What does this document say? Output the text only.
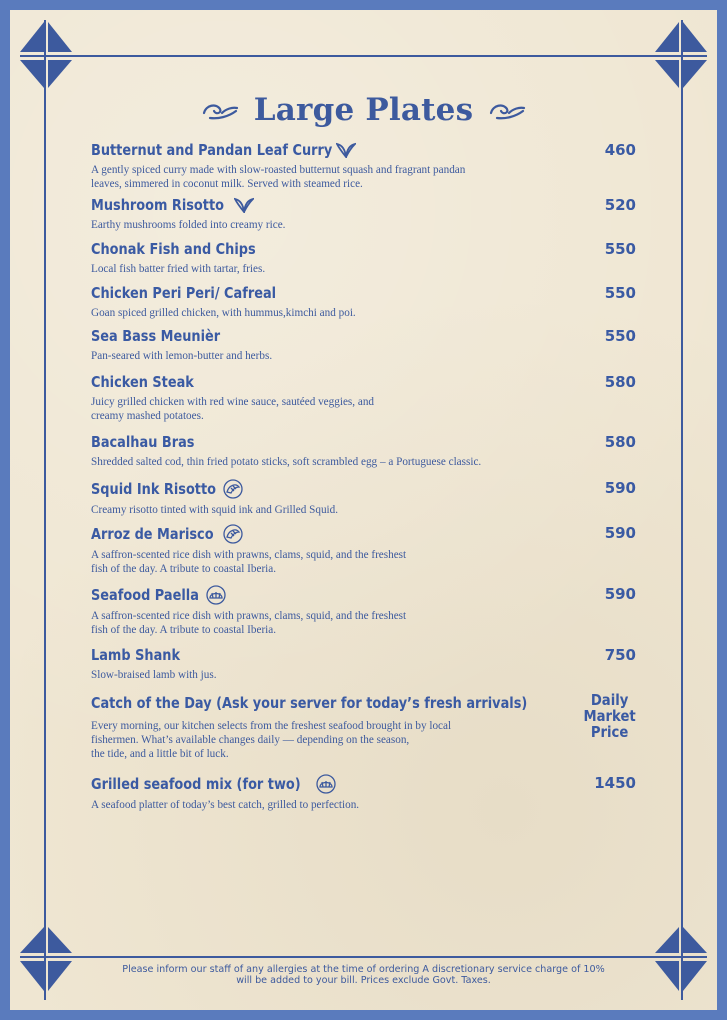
Large Plates
Butternut and Pandan Leaf Curry	460
A gently spiced curry made with slow-roasted butternut squash and fragrant pandan
leaves, simmered in coconut milk. Served with steamed rice.
Mushroom Risotto	520
Earthy mushrooms folded into creamy rice.
Chonak Fish and Chips	550
Local fish batter fried with tartar, fries.
Chicken Peri Peri/ Cafreal	550
Goan spiced grilled chicken, with hummus,kimchi and poi.
Sea Bass Meunièr	550
Pan-seared with lemon-butter and herbs.
Chicken Steak	580
Juicy grilled chicken with red wine sauce, sautéed veggies, and
creamy mashed potatoes.
Bacalhau Bras	580
Shredded salted cod, thin fried potato sticks, soft scrambled egg – a Portuguese classic.
Squid Ink Risotto	590
Creamy risotto tinted with squid ink and Grilled Squid.
Arroz de Marisco	590
A saffron-scented rice dish with prawns, clams, squid, and the freshest
fish of the day. A tribute to coastal Iberia.
Seafood Paella	590
A saffron-scented rice dish with prawns, clams, squid, and the freshest
fish of the day. A tribute to coastal Iberia.
Lamb Shank	750
Slow-braised lamb with jus.
Catch of the Day (Ask your server for today’s fresh arrivals)	Daily
Market
Price
Every morning, our kitchen selects from the freshest seafood brought in by local
fishermen. What’s available changes daily — depending on the season,
the tide, and a little bit of luck.
Grilled seafood mix (for two)	1450
A seafood platter of today’s best catch, grilled to perfection.
Please inform our staff of any allergies at the time of ordering A discretionary service charge of 10%
will be added to your bill. Prices exclude Govt. Taxes.
